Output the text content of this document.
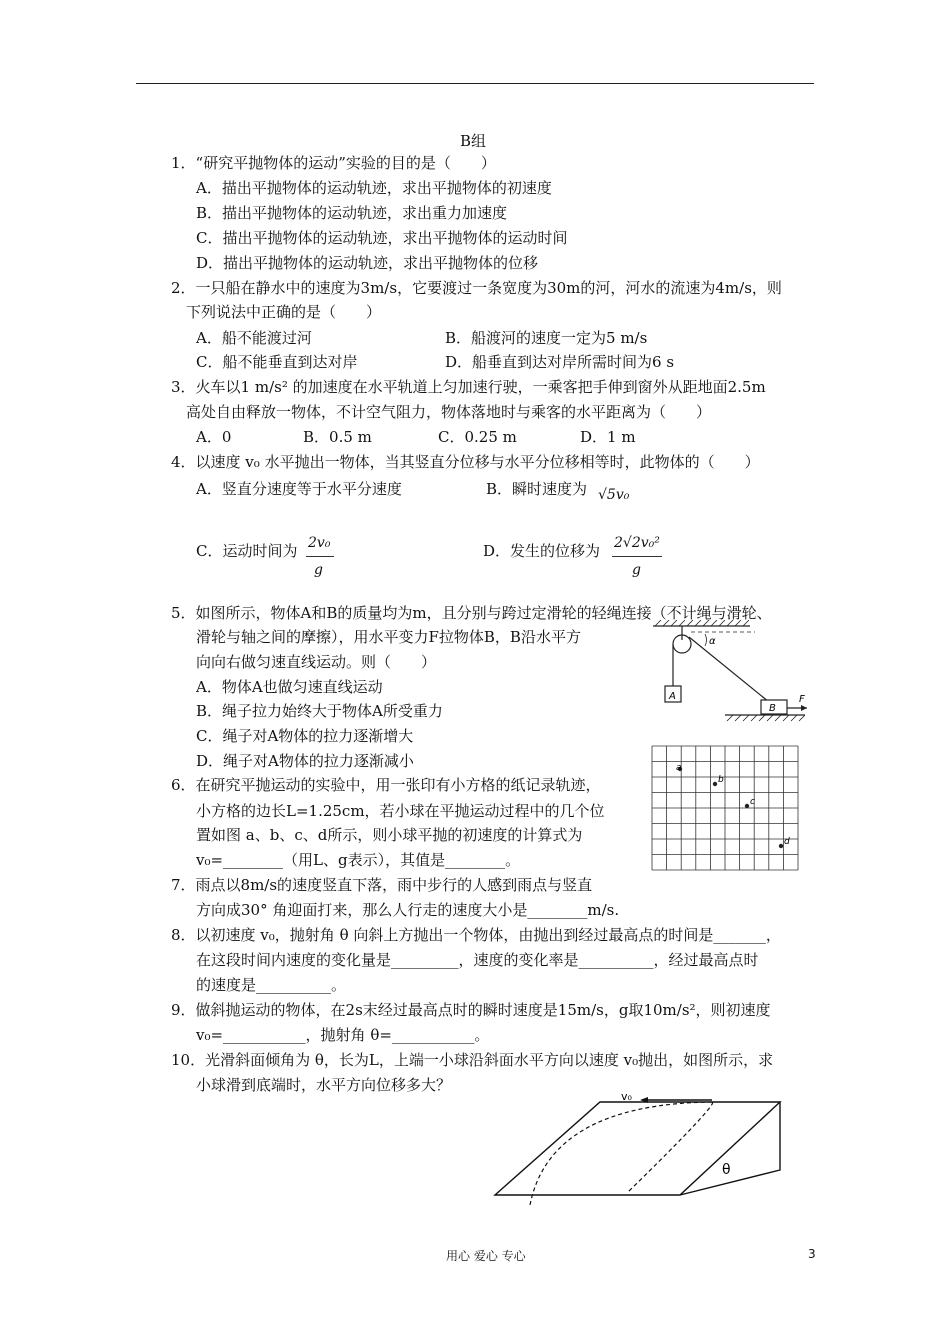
B组
1．“研究平抛物体的运动”实验的目的是（　　）
A．描出平抛物体的运动轨迹，求出平抛物体的初速度
B．描出平抛物体的运动轨迹，求出重力加速度
C．描出平抛物体的运动轨迹，求出平抛物体的运动时间
D．描出平抛物体的运动轨迹，求出平抛物体的位移
2．一只船在静水中的速度为3m/s，它要渡过一条宽度为30m的河，河水的流速为4m/s，则
下列说法中正确的是（　　）
A．船不能渡过河	B．船渡河的速度一定为5 m/s
C．船不能垂直到达对岸	D．船垂直到达对岸所需时间为6 s
3．火车以1 m/s² 的加速度在水平轨道上匀加速行驶，一乘客把手伸到窗外从距地面2.5m
高处自由释放一物体，不计空气阻力，物体落地时与乘客的水平距离为（　　）
A．0	B．0.5 m	C．0.25 m	D．1 m
4．以速度 v₀ 水平抛出一物体，当其竖直分位移与水平分位移相等时，此物体的（　　）
A．竖直分速度等于水平分速度	B．瞬时速度为 √5v₀
C．运动时间为 2v₀
g
D．发生的位移为 2√2v₀²
g
5．如图所示，物体A和B的质量均为m，且分别与跨过定滑轮的轻绳连接（不计绳与滑轮、
滑轮与轴之间的摩擦），用水平变力F拉物体B，B沿水平方
向向右做匀速直线运动。则（　　）
A．物体A也做匀速直线运动
B．绳子拉力始终大于物体A所受重力
C．绳子对A物体的拉力逐渐增大
D．绳子对A物体的拉力逐渐减小
6．在研究平抛运动的实验中，用一张印有小方格的纸记录轨迹，
小方格的边长L=1.25cm，若小球在平抛运动过程中的几个位
置如图 a、b、c、d所示，则小球平抛的初速度的计算式为
v₀=________（用L、g表示），其值是________。
7．雨点以8m/s的速度竖直下落，雨中步行的人感到雨点与竖直
方向成30° 角迎面打来，那么人行走的速度大小是________m/s.
8．以初速度 v₀，抛射角 θ 向斜上方抛出一个物体，由抛出到经过最高点的时间是_______，
在这段时间内速度的变化量是_________，速度的变化率是__________，经过最高点时
的速度是__________。
9．做斜抛运动的物体，在2s末经过最高点时的瞬时速度是15m/s，g取10m/s²，则初速度
v₀=___________，抛射角 θ=___________。
10．光滑斜面倾角为 θ，长为L，上端一小球沿斜面水平方向以速度 v₀抛出，如图所示，求
小球滑到底端时，水平方向位移多大？
A
α
B
F
a
b
c
d
v₀
θ
用心 爱心 专心	3
